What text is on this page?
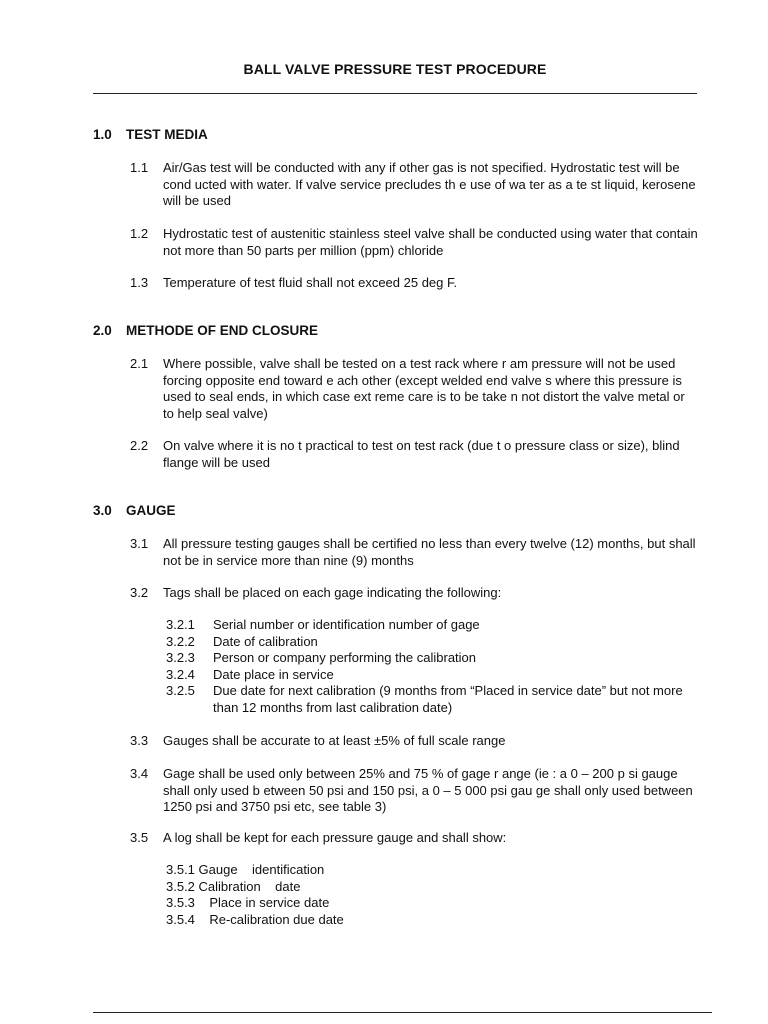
BALL VALVE PRESSURE TEST PROCEDURE
1.0 TEST MEDIA
1.1 Air/Gas test will be conducted with any if other gas is not specified. Hydrostatic test will be cond ucted with water. If valve service precludes th e use of wa ter as a te st liquid, kerosene will be used
1.2 Hydrostatic test of austenitic stainless steel valve shall be conducted using water that contain not more than 50 parts per million (ppm) chloride
1.3 Temperature of test fluid shall not exceed 25 deg F.
2.0 METHODE OF END CLOSURE
2.1 Where possible, valve shall be tested on a test rack where r am pressure will not be used forcing opposite end toward e ach other (except welded end valve s where this pressure is used to seal ends, in which case ext reme care is to be take n not distort the valve metal or to help seal valve)
2.2 On valve where it is no t practical to test on test rack (due t o pressure class or size), blind flange will be used
3.0 GAUGE
3.1 All pressure testing gauges shall be certified no less than every twelve (12) months, but shall not be in service more than nine (9) months
3.2 Tags shall be placed on each gage indicating the following:
3.2.1 Serial number or identification number of gage
3.2.2 Date of calibration
3.2.3 Person or company performing the calibration
3.2.4 Date place in service
3.2.5 Due date for next calibration (9 months from “Placed in service date” but not more than 12 months from last calibration date)
3.3 Gauges shall be accurate to at least ±5% of full scale range
3.4 Gage shall be used only between 25% and 75 % of gage r ange (ie : a 0 – 200 p si gauge shall only used b etween 50 psi and 150 psi, a 0 – 5 000 psi gau ge shall only used between 1250 psi and 3750 psi etc, see table 3)
3.5 A log shall be kept for each pressure gauge and shall show:
3.5.1 Gauge    identification
3.5.2 Calibration    date
3.5.3    Place in service date
3.5.4    Re-calibration due date
